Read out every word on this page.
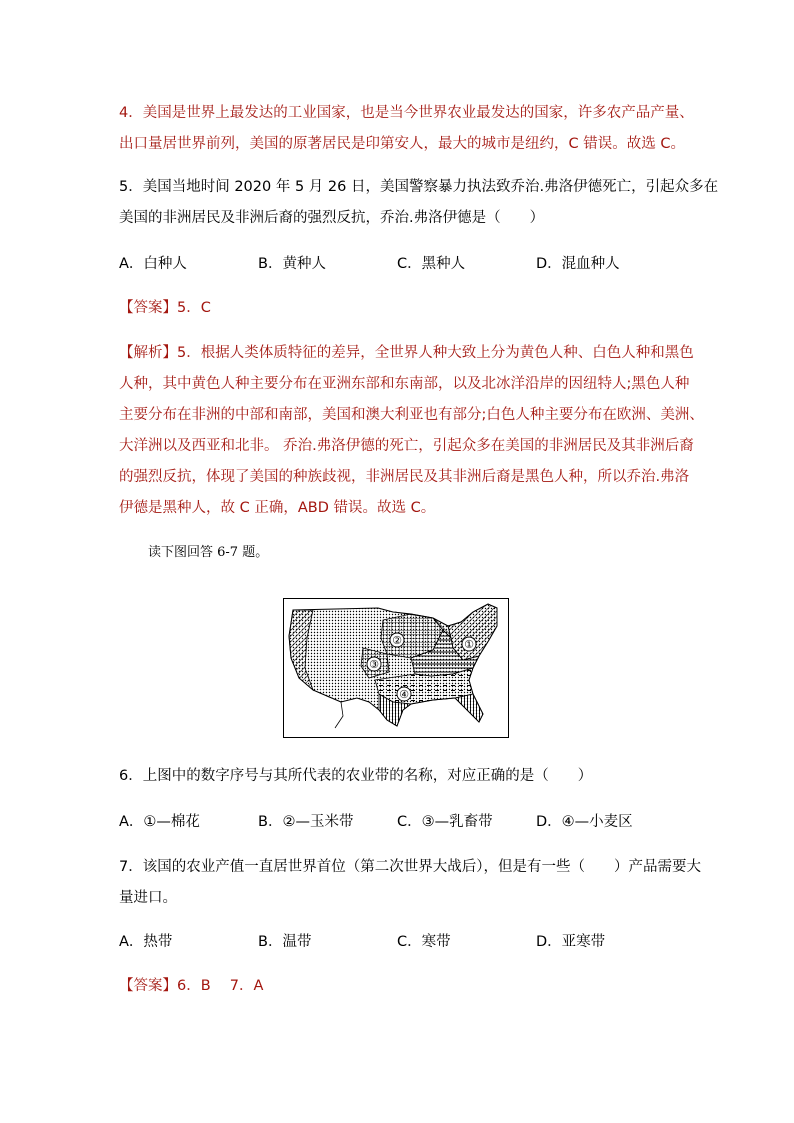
4．美国是世界上最发达的工业国家，也是当今世界农业最发达的国家，许多农产品产量、
出口量居世界前列，美国的原著居民是印第安人，最大的城市是纽约，C 错误。故选 C。
5．美国当地时间 2020 年 5 月 26 日，美国警察暴力执法致乔治.弗洛伊德死亡，引起众多在
美国的非洲居民及非洲后裔的强烈反抗，乔治.弗洛伊德是（　　）
A．白种人	B．黄种人	C．黑种人	D．混血种人
【答案】5．C
【解析】5．根据人类体质特征的差异，全世界人种大致上分为黄色人种、白色人种和黑色
人种，其中黄色人种主要分布在亚洲东部和东南部，以及北冰洋沿岸的因纽特人;黑色人种
主要分布在非洲的中部和南部，美国和澳大利亚也有部分;白色人种主要分布在欧洲、美洲、
大洋洲以及西亚和北非。 乔治.弗洛伊德的死亡，引起众多在美国的非洲居民及其非洲后裔
的强烈反抗，体现了美国的种族歧视，非洲居民及其非洲后裔是黑色人种，所以乔治.弗洛
伊德是黑种人，故 C 正确，ABD 错误。故选 C。
读下图回答 6-7 题。
①
②
③
④
6．上图中的数字序号与其所代表的农业带的名称，对应正确的是（　　）
A．①—棉花	B．②—玉米带	C．③—乳畜带	D．④—小麦区
7．该国的农业产值一直居世界首位（第二次世界大战后），但是有一些（　　）产品需要大
量进口。
A．热带	B．温带	C．寒带	D．亚寒带
【答案】6．B　 7．A
